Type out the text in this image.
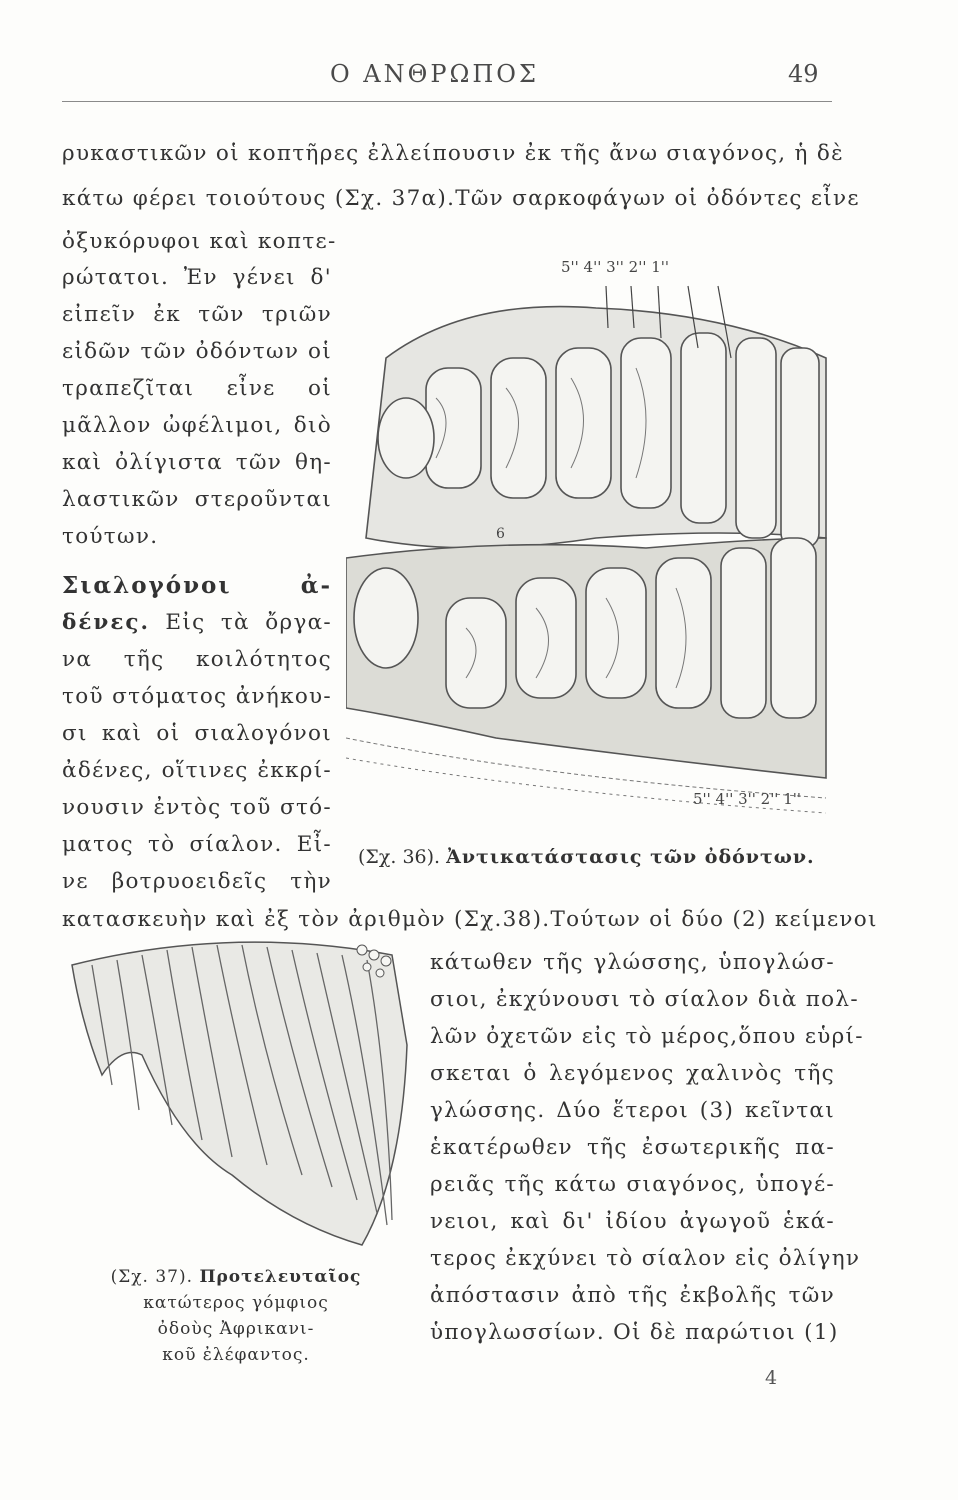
Ο ΑΝΘΡΩΠΟΣ	49
ρυκαστικῶν οἱ κοπτῆρες ἐλλείπουσιν ἐκ τῆς ἄνω σιαγόνος, ἡ δὲ
κάτω φέρει τοιούτους (Σχ. 37α).Τῶν σαρκοφάγων οἱ ὀδόντες εἶνε
ὀξυκόρυφοι καὶ κοπτε-
ρώτατοι. Ἐν γένει δ'
εἰπεῖν ἐκ τῶν τριῶν
εἰδῶν τῶν ὀδόντων οἱ
τραπεζῖται εἶνε οἱ
μᾶλλον ὠφέλιμοι, διὸ
καὶ ὀλίγιστα τῶν θη-
λαστικῶν στεροῦνται
τούτων.
Σιαλογόνοι ἀ-
δένες. Εἰς τὰ ὄργα-
να τῆς κοιλότητος
τοῦ στόματος ἀνήκου-
σι καὶ οἱ σιαλογόνοι
ἀδένες, οἵτινες ἐκκρί-
νουσιν ἐντὸς τοῦ στό-
ματος τὸ σίαλον. Εἶ-
νε βοτρυοειδεῖς τὴν
5'' 4'' 3'' 2'' 1''
5'' 4'' 3'' 2'' 1''
6
(Σχ. 36). Ἀντικατάστασις τῶν ὀδόντων.
κατασκευὴν καὶ ἐξ τὸν ἀριθμὸν (Σχ.38).Τούτων οἱ δύο (2) κείμενοι
(Σχ. 37). Προτελευταῖος
κατώτερος γόμφιος
ὀδοὺς Ἀφρικανι-
κοῦ ἐλέφαντος.
κάτωθεν τῆς γλώσσης, ὑπογλώσ-
σιοι, ἐκχύνουσι τὸ σίαλον διὰ πολ-
λῶν ὀχετῶν εἰς τὸ μέρος,ὅπου εὑρί-
σκεται ὁ λεγόμενος χαλινὸς τῆς
γλώσσης. Δύο ἕτεροι (3) κεῖνται
ἑκατέρωθεν τῆς ἐσωτερικῆς πα-
ρειᾶς τῆς κάτω σιαγόνος, ὑπογέ-
νειοι, καὶ δι' ἰδίου ἀγωγοῦ ἑκά-
τερος ἐκχύνει τὸ σίαλον εἰς ὀλίγην
ἀπόστασιν ἀπὸ τῆς ἐκβολῆς τῶν
ὑπογλωσσίων. Οἱ δὲ παρώτιοι (1)
4
